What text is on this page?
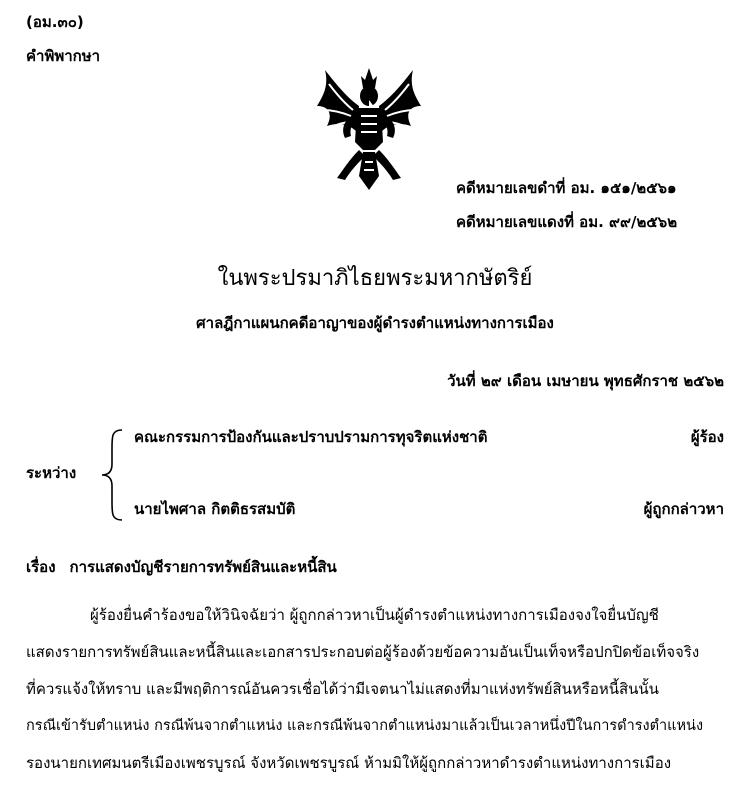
(อม.๓๐)
คำพิพากษา
คดีหมายเลขดำที่ อม. ๑๕๑/๒๕๖๑
คดีหมายเลขแดงที่ อม. ๙๙/๒๕๖๒
ในพระปรมาภิไธยพระมหากษัตริย์
ศาลฎีกาแผนกคดีอาญาของผู้ดำรงตำแหน่งทางการเมือง
วันที่ ๒๙ เดือน เมษายน พุทธศักราช ๒๕๖๒
ระหว่าง
คณะกรรมการป้องกันและปราบปรามการทุจริตแห่งชาติ	ผู้ร้อง
นายไพศาล กิตติธรสมบัติ	ผู้ถูกกล่าวหา
เรื่อง การแสดงบัญชีรายการทรัพย์สินและหนี้สิน
ผู้ร้องยื่นคำร้องขอให้วินิจฉัยว่า ผู้ถูกกล่าวหาเป็นผู้ดำรงตำแหน่งทางการเมืองจงใจยื่นบัญชี
แสดงรายการทรัพย์สินและหนี้สินและเอกสารประกอบต่อผู้ร้องด้วยข้อความอันเป็นเท็จหรือปกปิดข้อเท็จจริง
ที่ควรแจ้งให้ทราบ และมีพฤติการณ์อันควรเชื่อได้ว่ามีเจตนาไม่แสดงที่มาแห่งทรัพย์สินหรือหนี้สินนั้น
กรณีเข้ารับตำแหน่ง กรณีพ้นจากตำแหน่ง และกรณีพ้นจากตำแหน่งมาแล้วเป็นเวลาหนึ่งปีในการดำรงตำแหน่ง
รองนายกเทศมนตรีเมืองเพชรบูรณ์ จังหวัดเพชรบูรณ์ ห้ามมิให้ผู้ถูกกล่าวหาดำรงตำแหน่งทางการเมือง
